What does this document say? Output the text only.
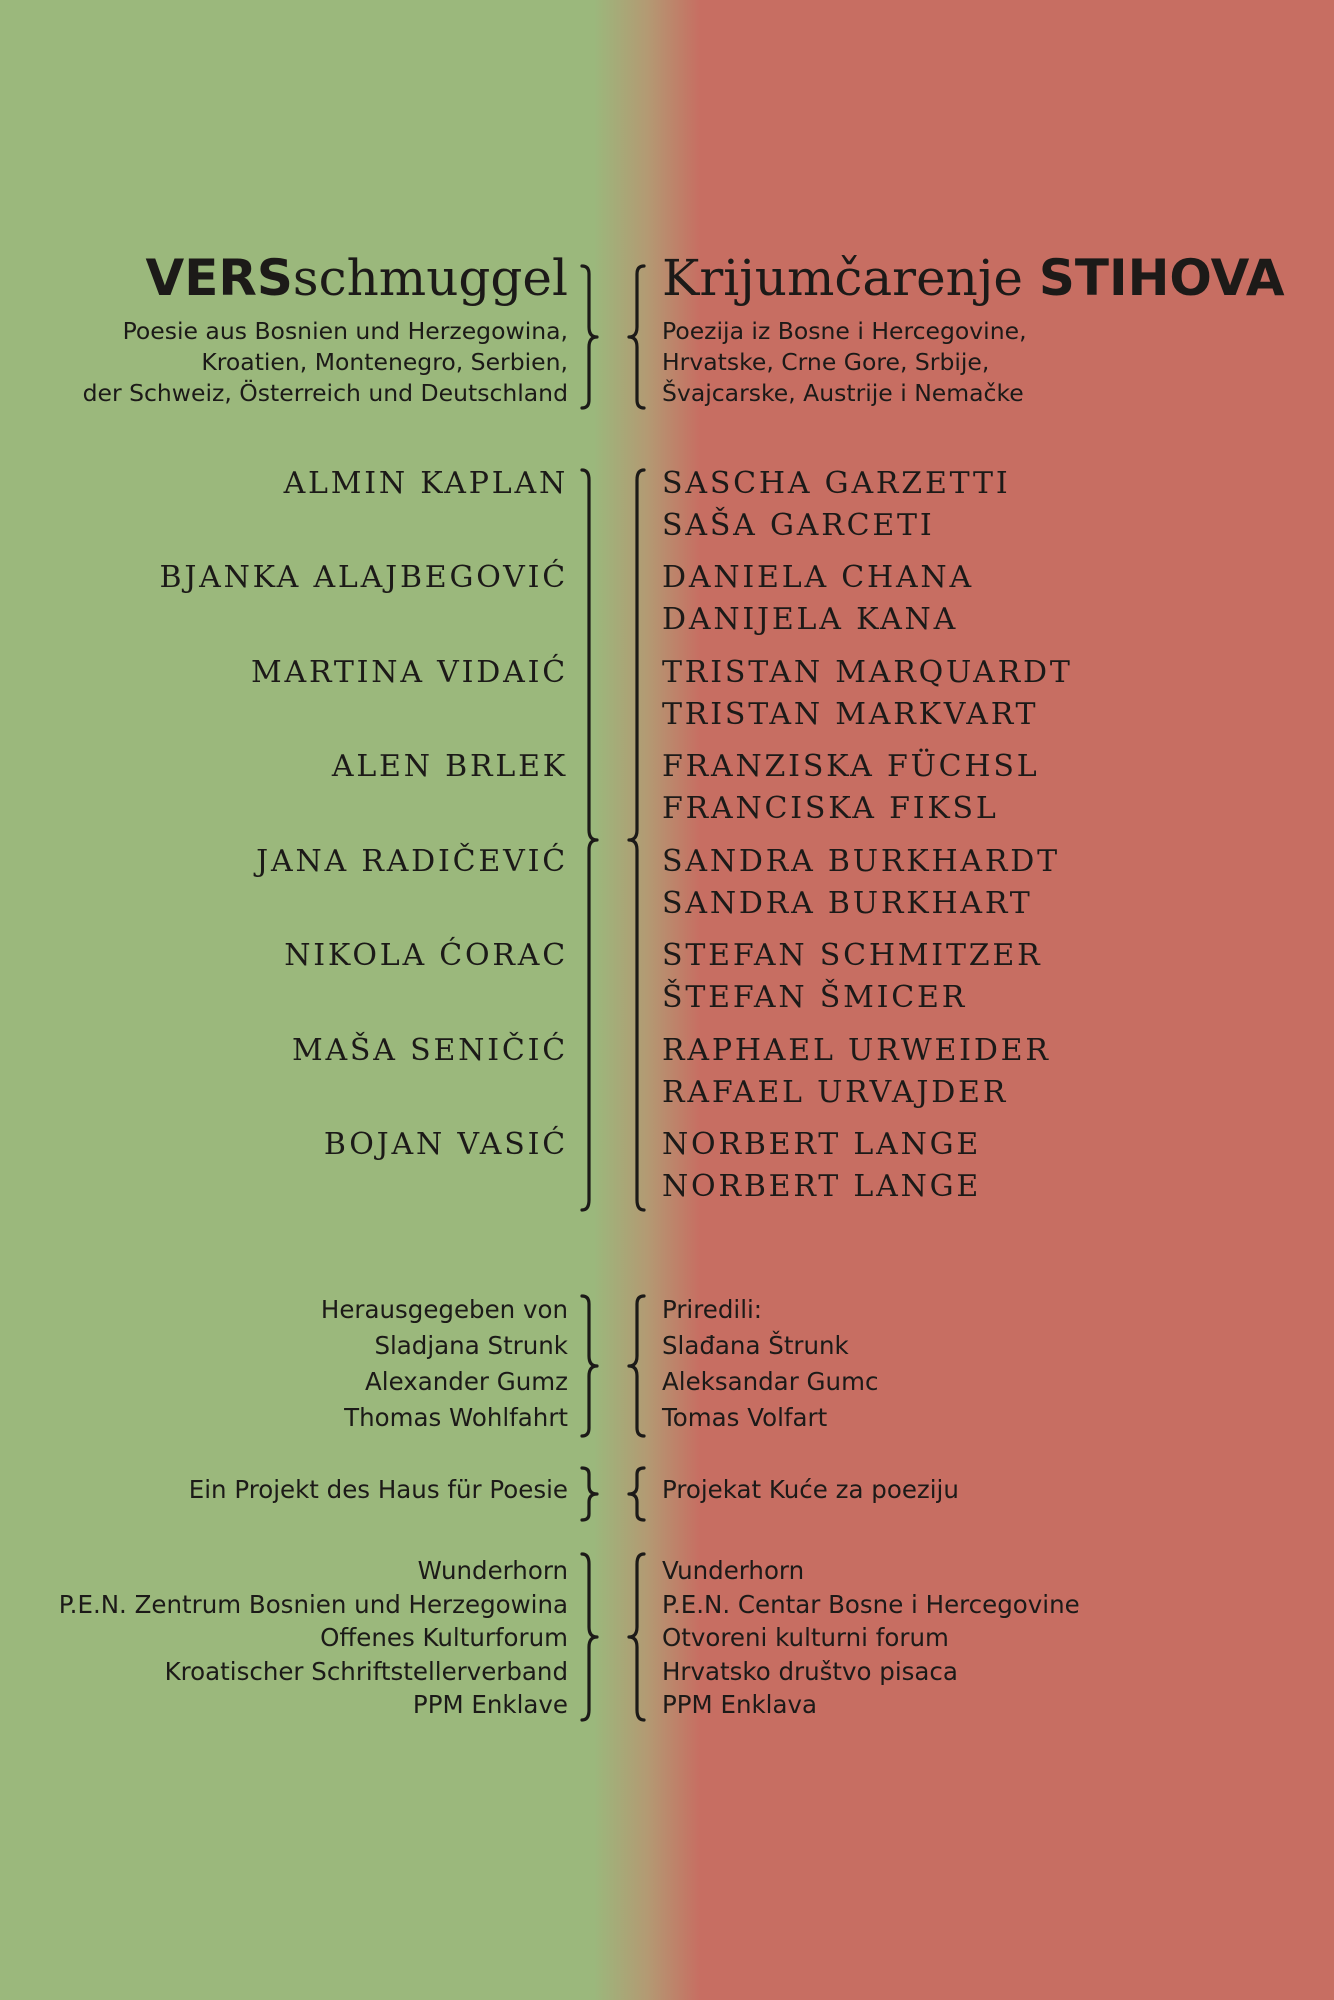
VERSschmuggel
Poesie aus Bosnien und Herzegowina,
Kroatien, Montenegro, Serbien,
der Schweiz, Österreich und Deutschland
Krijumčarenje STIHOVA
Poezija iz Bosne i Hercegovine,
Hrvatske, Crne Gore, Srbije,
Švajcarske, Austrije i Nemačke
ALMIN KAPLAN
BJANKA ALAJBEGOVIĆ
MARTINA VIDAIĆ
ALEN BRLEK
JANA RADIČEVIĆ
NIKOLA ĆORAC
MAŠA SENIČIĆ
BOJAN VASIĆ
SASCHA GARZETTI
SAŠA GARCETI
DANIELA CHANA
DANIJELA KANA
TRISTAN MARQUARDT
TRISTAN MARKVART
FRANZISKA FÜCHSL
FRANCISKA FIKSL
SANDRA BURKHARDT
SANDRA BURKHART
STEFAN SCHMITZER
ŠTEFAN ŠMICER
RAPHAEL URWEIDER
RAFAEL URVAJDER
NORBERT LANGE
NORBERT LANGE
Herausgegeben von
Sladjana Strunk
Alexander Gumz
Thomas Wohlfahrt
Priredili:
Slađana Štrunk
Aleksandar Gumc
Tomas Volfart
Ein Projekt des Haus für Poesie	Projekat Kuće za poeziju
Wunderhorn
P.E.N. Zentrum Bosnien und Herzegowina
Offenes Kulturforum
Kroatischer Schriftstellerverband
PPM Enklave
Vunderhorn
P.E.N. Centar Bosne i Hercegovine
Otvoreni kulturni forum
Hrvatsko društvo pisaca
PPM Enklava
